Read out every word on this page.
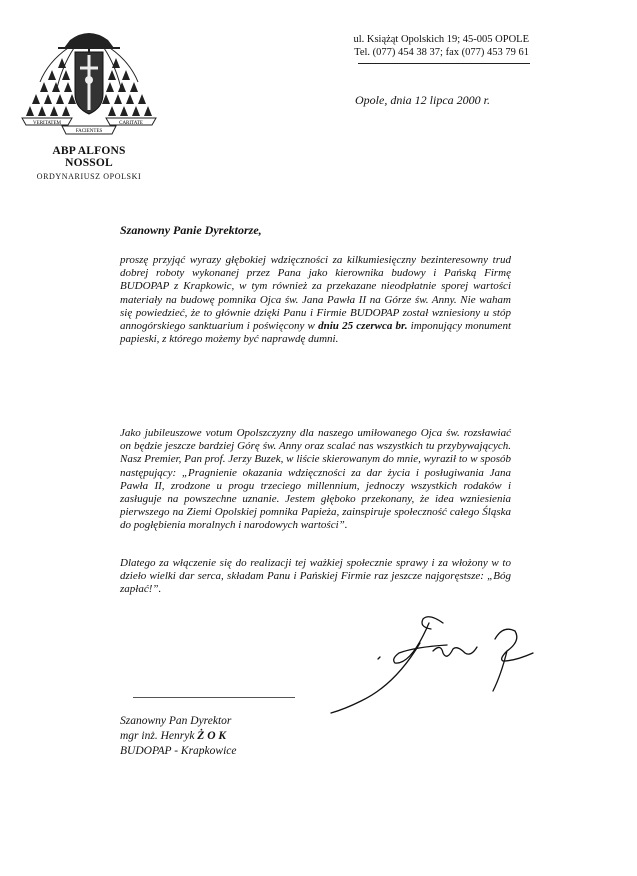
ul. Książąt Opolskich 19; 45-005 OPOLE
Tel. (077) 454 38 37; fax (077) 453 79 61
Opole, dnia 12 lipca 2000 r.
VERITATEM	CARITATE
FACIENTES
ABP ALFONS NOSSOL
ORDYNARIUSZ OPOLSKI
Szanowny Panie Dyrektorze,
proszę przyjąć wyrazy głębokiej wdzięczności za kilkumiesięczny bezinteresowny trud dobrej roboty wykonanej przez Pana jako kierownika budowy i Pańską Firmę BUDOPAP z Krapkowic, w tym również za przekazane nieodpłatnie sporej wartości materiały na budowę pomnika Ojca św. Jana Pawła II na Górze św. Anny. Nie waham się powiedzieć, że to głównie dzięki Panu i Firmie BUDOPAP został wzniesiony u stóp annogórskiego sanktuarium i poświęcony w dniu 25 czerwca br. imponujący monument papieski, z którego możemy być naprawdę dumni.
Jako jubileuszowe votum Opolszczyzny dla naszego umiłowanego Ojca św. rozsławiać on będzie jeszcze bardziej Górę św. Anny oraz scalać nas wszystkich tu przybywających. Nasz Premier, Pan prof. Jerzy Buzek, w liście skierowanym do mnie, wyraził to w sposób następujący: „Pragnienie okazania wdzięczności za dar życia i posługiwania Jana Pawła II, zrodzone u progu trzeciego millennium, jednoczy wszystkich rodaków i zasługuje na powszechne uznanie. Jestem głęboko przekonany, że idea wzniesienia pierwszego na Ziemi Opolskiej pomnika Papieża, zainspiruje społeczność całego Śląska do pogłębienia moralnych i narodowych wartości”.
Dlatego za włączenie się do realizacji tej ważkiej społecznie sprawy i za włożony w to dzieło wielki dar serca, składam Panu i Pańskiej Firmie raz jeszcze najgoręstsze: „Bóg zapłać!”.
Szanowny Pan Dyrektor
mgr inż. Henryk Ż O K
BUDOPAP - Krapkowice
